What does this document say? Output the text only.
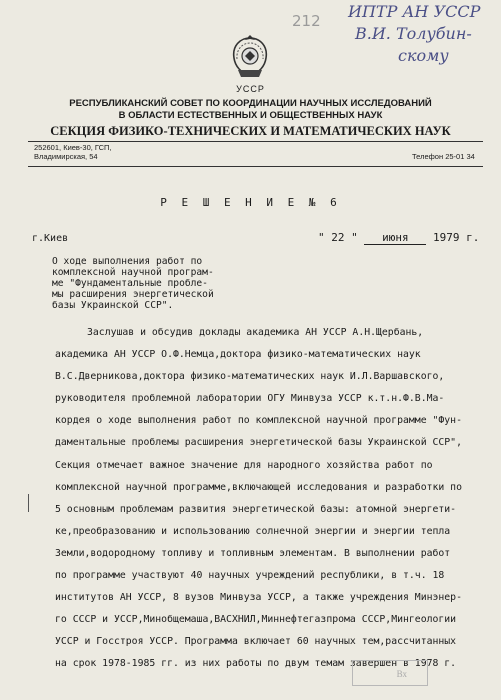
ИПТР АН УССР
В.И. Толубин-
скому
212
УССР
РЕСПУБЛИКАНСКИЙ СОВЕТ ПО КООРДИНАЦИИ НАУЧНЫХ ИССЛЕДОВАНИЙ
В ОБЛАСТИ ЕСТЕСТВЕННЫХ И ОБЩЕСТВЕННЫХ НАУК
СЕКЦИЯ ФИЗИКО-ТЕХНИЧЕСКИХ И МАТЕМАТИЧЕСКИХ НАУК
252601, Киев-30, ГСП,
Владимирская, 54	Телефон 25-01 34
Р Е Ш Е Н И Е № 6
г.Киев	" 22 " июня 1979 г.
О ходе выполнения работ по
комплексной научной програм-
ме "Фундаментальные пробле-
мы расширения энергетической
базы Украинской ССР".
Заслушав и обсудив доклады академика АН УССР А.Н.Щербань,
академика АН УССР О.Ф.Немца,доктора физико-математических наук
В.С.Дверникова,доктора физико-математических наук И.Л.Варшавского,
руководителя проблемной лаборатории ОГУ Минвуза УССР к.т.н.Ф.В.Ма-
кордея о ходе выполнения работ по комплексной научной программе "Фун-
даментальные проблемы расширения энергетической базы Украинской ССР",
Секция отмечает важное значение для народного хозяйства работ по
комплексной научной программе,включающей исследования и разработки по
5 основным проблемам развития энергетической базы: атомной энергети-
ке,преобразованию и использованию солнечной энергии и энергии тепла
Земли,водородному топливу и топливным элементам. В выполнении работ
по программе участвуют 40 научных учреждений республики, в т.ч. 18
институтов АН УССР, 8 вузов Минвуза УССР, а также учреждения Минэнер-
го СССР и УССР,Минобщемаша,ВАСХНИЛ,Миннефтегазпрома СССР,Мингеологии
УССР и Госстроя УССР. Программа включает 60 научных тем,рассчитанных
на срок 1978-1985 гг. из них работы по двум темам завершен в 1978 г.
Вх
